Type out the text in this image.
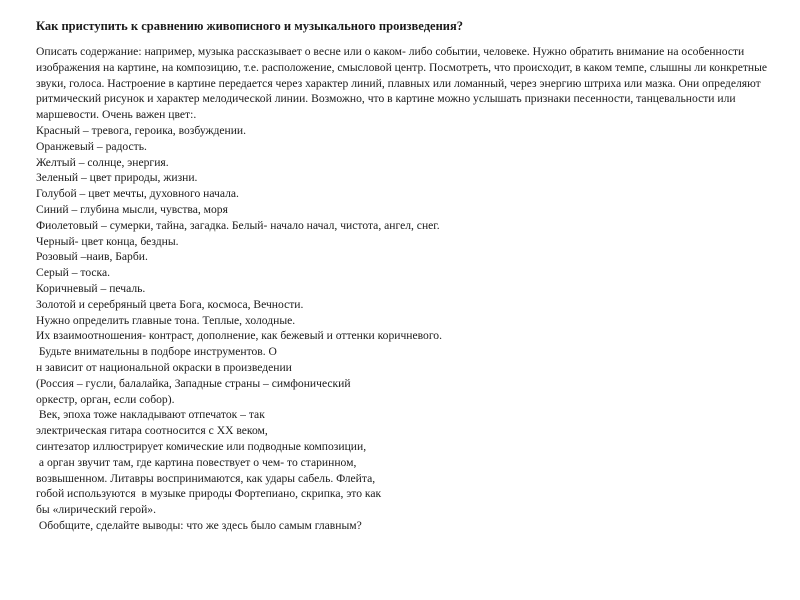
Как приступить к сравнению живописного и музыкального произведения?

Описать содержание: например, музыка рассказывает о весне или о каком- либо событии, человеке. Нужно обратить внимание на особенности изображения на картине, на композицию, т.е. расположение, смысловой центр. Посмотреть, что происходит, в каком темпе, слышны ли конкретные звуки, голоса. Настроение в картине передается через характер линий, плавных или ломанный, через энергию штриха или мазка. Они определяют ритмический рисунок и характер мелодической линии. Возможно, что в картине можно услышать признаки песенности, танцевальности или маршевости. Очень важен цвет:.

Красный – тревога, героика, возбуждении.

Оранжевый – радость.

Желтый – солнце, энергия.

Зеленый – цвет природы, жизни.

Голубой – цвет мечты, духовного начала.

Синий – глубина мысли, чувства, моря

Фиолетовый – сумерки, тайна, загадка. Белый- начало начал, чистота, ангел, снег.

Черный- цвет конца, бездны.

Розовый –наив, Барби.

Серый – тоска.

Коричневый – печаль.

Золотой и серебряный цвета Бога, космоса, Вечности.

Нужно определить главные тона. Теплые, холодные.

Их взаимоотношения- контраст, дополнение, как бежевый и оттенки коричневого.

Будьте внимательны в подборе инструментов. О

н зависит от национальной окраски в произведении

(Россия – гусли, балалайка, Западные страны – симфонический

оркестр, орган, если собор).

Век, эпоха тоже накладывают отпечаток – так

электрическая гитара соотносится с XX веком,

синтезатор иллюстрирует комические или подводные композиции,

а орган звучит там, где картина повествует о чем- то старинном,

возвышенном. Литавры воспринимаются, как удары сабель. Флейта,

гобой используются  в музыке природы Фортепиано, скрипка, это как

бы «лирический герой».

Обобщите, сделайте выводы: что же здесь было самым главным?
